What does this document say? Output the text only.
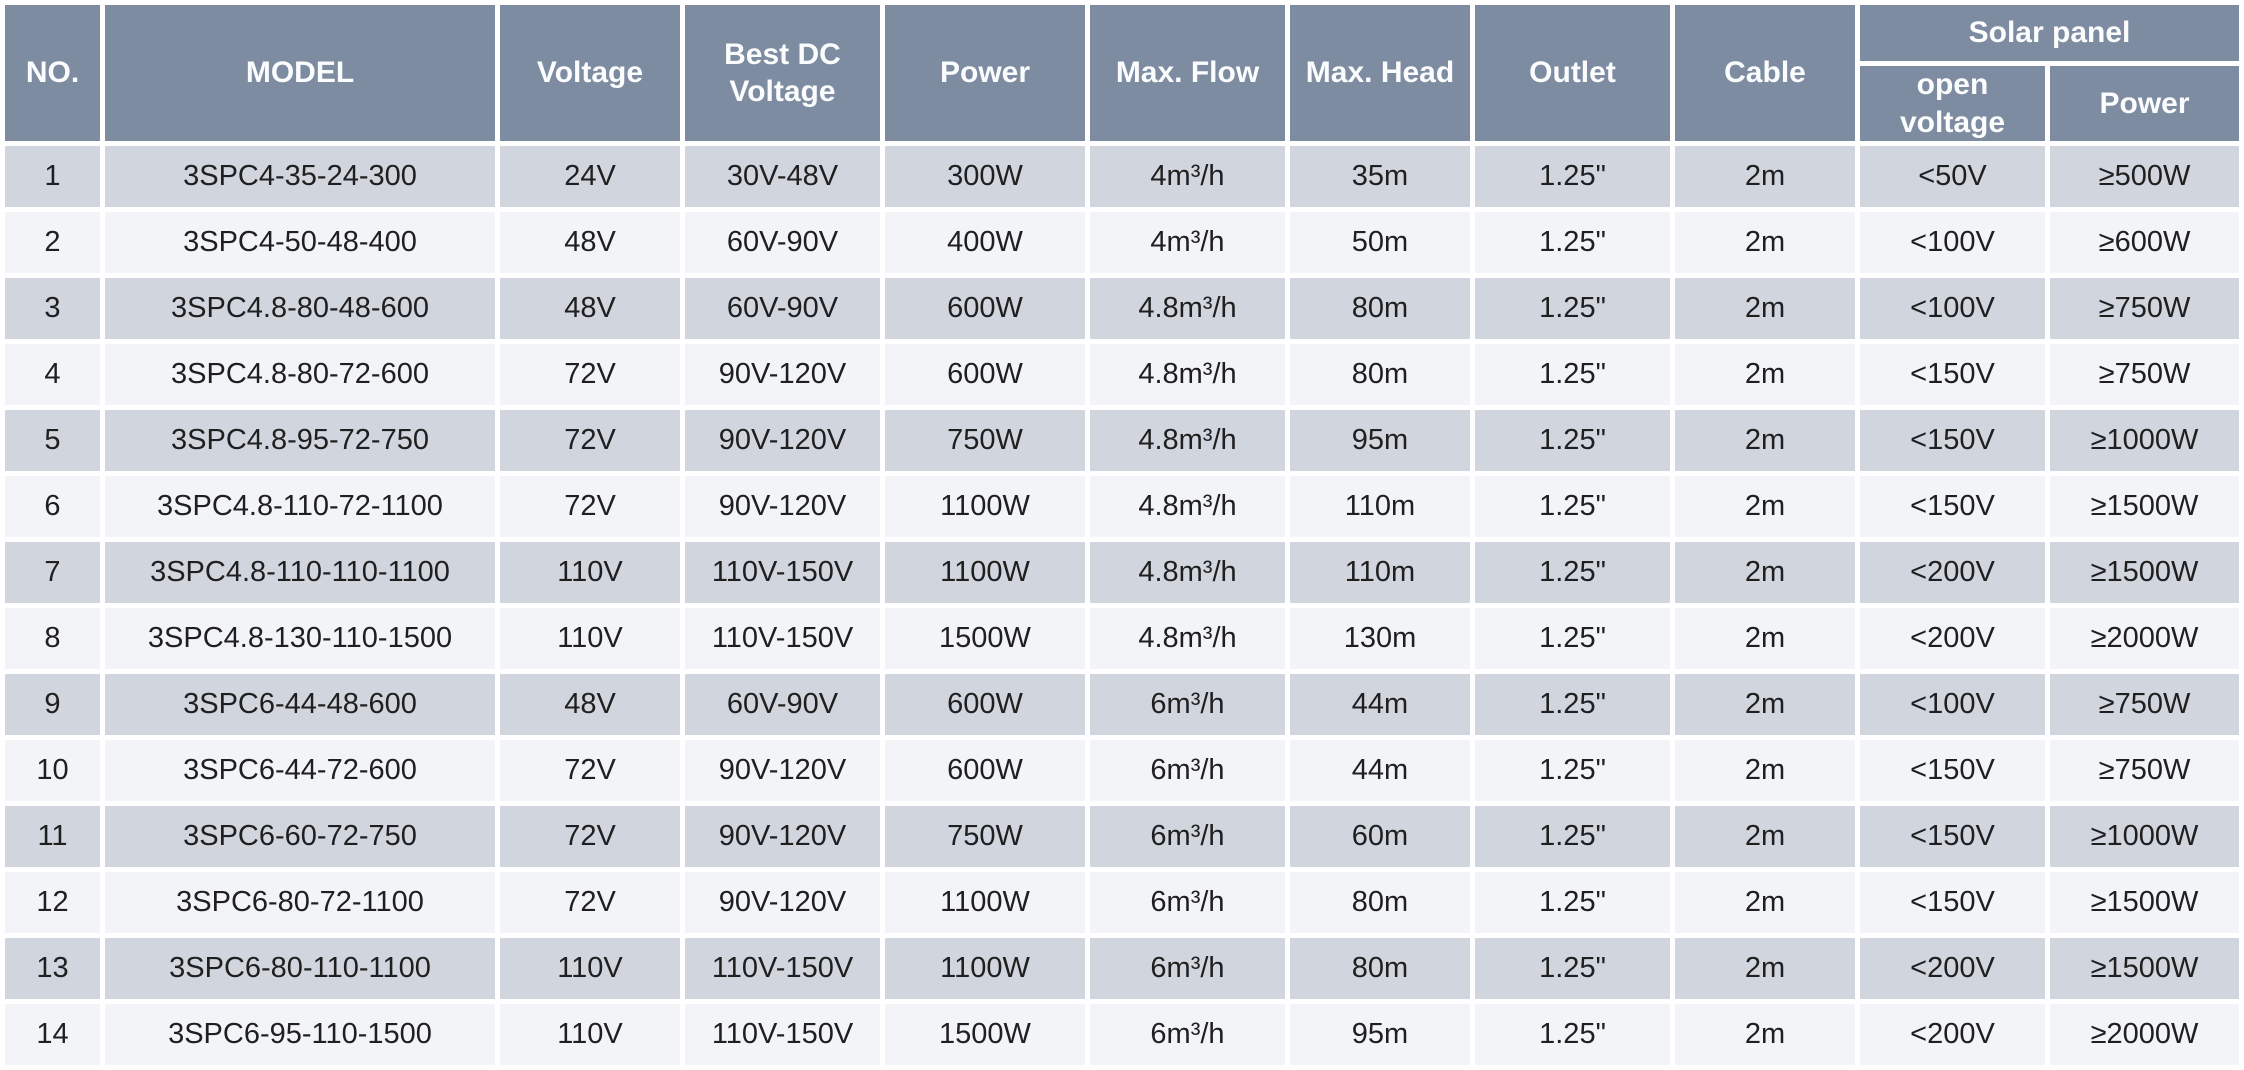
NO.	MODEL	Voltage	Best DC Voltage	Power	Max. Flow	Max. Head	Outlet	Cable	Solar panel	
									open voltage	Power
1	3SPC4-35-24-300	24V	30V-48V	300W	4m³/h	35m	1.25"	2m	<50V	≥500W
2	3SPC4-50-48-400	48V	60V-90V	400W	4m³/h	50m	1.25"	2m	<100V	≥600W
3	3SPC4.8-80-48-600	48V	60V-90V	600W	4.8m³/h	80m	1.25"	2m	<100V	≥750W
4	3SPC4.8-80-72-600	72V	90V-120V	600W	4.8m³/h	80m	1.25"	2m	<150V	≥750W
5	3SPC4.8-95-72-750	72V	90V-120V	750W	4.8m³/h	95m	1.25"	2m	<150V	≥1000W
6	3SPC4.8-110-72-1100	72V	90V-120V	1100W	4.8m³/h	110m	1.25"	2m	<150V	≥1500W
7	3SPC4.8-110-110-1100	110V	110V-150V	1100W	4.8m³/h	110m	1.25"	2m	<200V	≥1500W
8	3SPC4.8-130-110-1500	110V	110V-150V	1500W	4.8m³/h	130m	1.25"	2m	<200V	≥2000W
9	3SPC6-44-48-600	48V	60V-90V	600W	6m³/h	44m	1.25"	2m	<100V	≥750W
10	3SPC6-44-72-600	72V	90V-120V	600W	6m³/h	44m	1.25"	2m	<150V	≥750W
11	3SPC6-60-72-750	72V	90V-120V	750W	6m³/h	60m	1.25"	2m	<150V	≥1000W
12	3SPC6-80-72-1100	72V	90V-120V	1100W	6m³/h	80m	1.25"	2m	<150V	≥1500W
13	3SPC6-80-110-1100	110V	110V-150V	1100W	6m³/h	80m	1.25"	2m	<200V	≥1500W
14	3SPC6-95-110-1500	110V	110V-150V	1500W	6m³/h	95m	1.25"	2m	<200V	≥2000W
